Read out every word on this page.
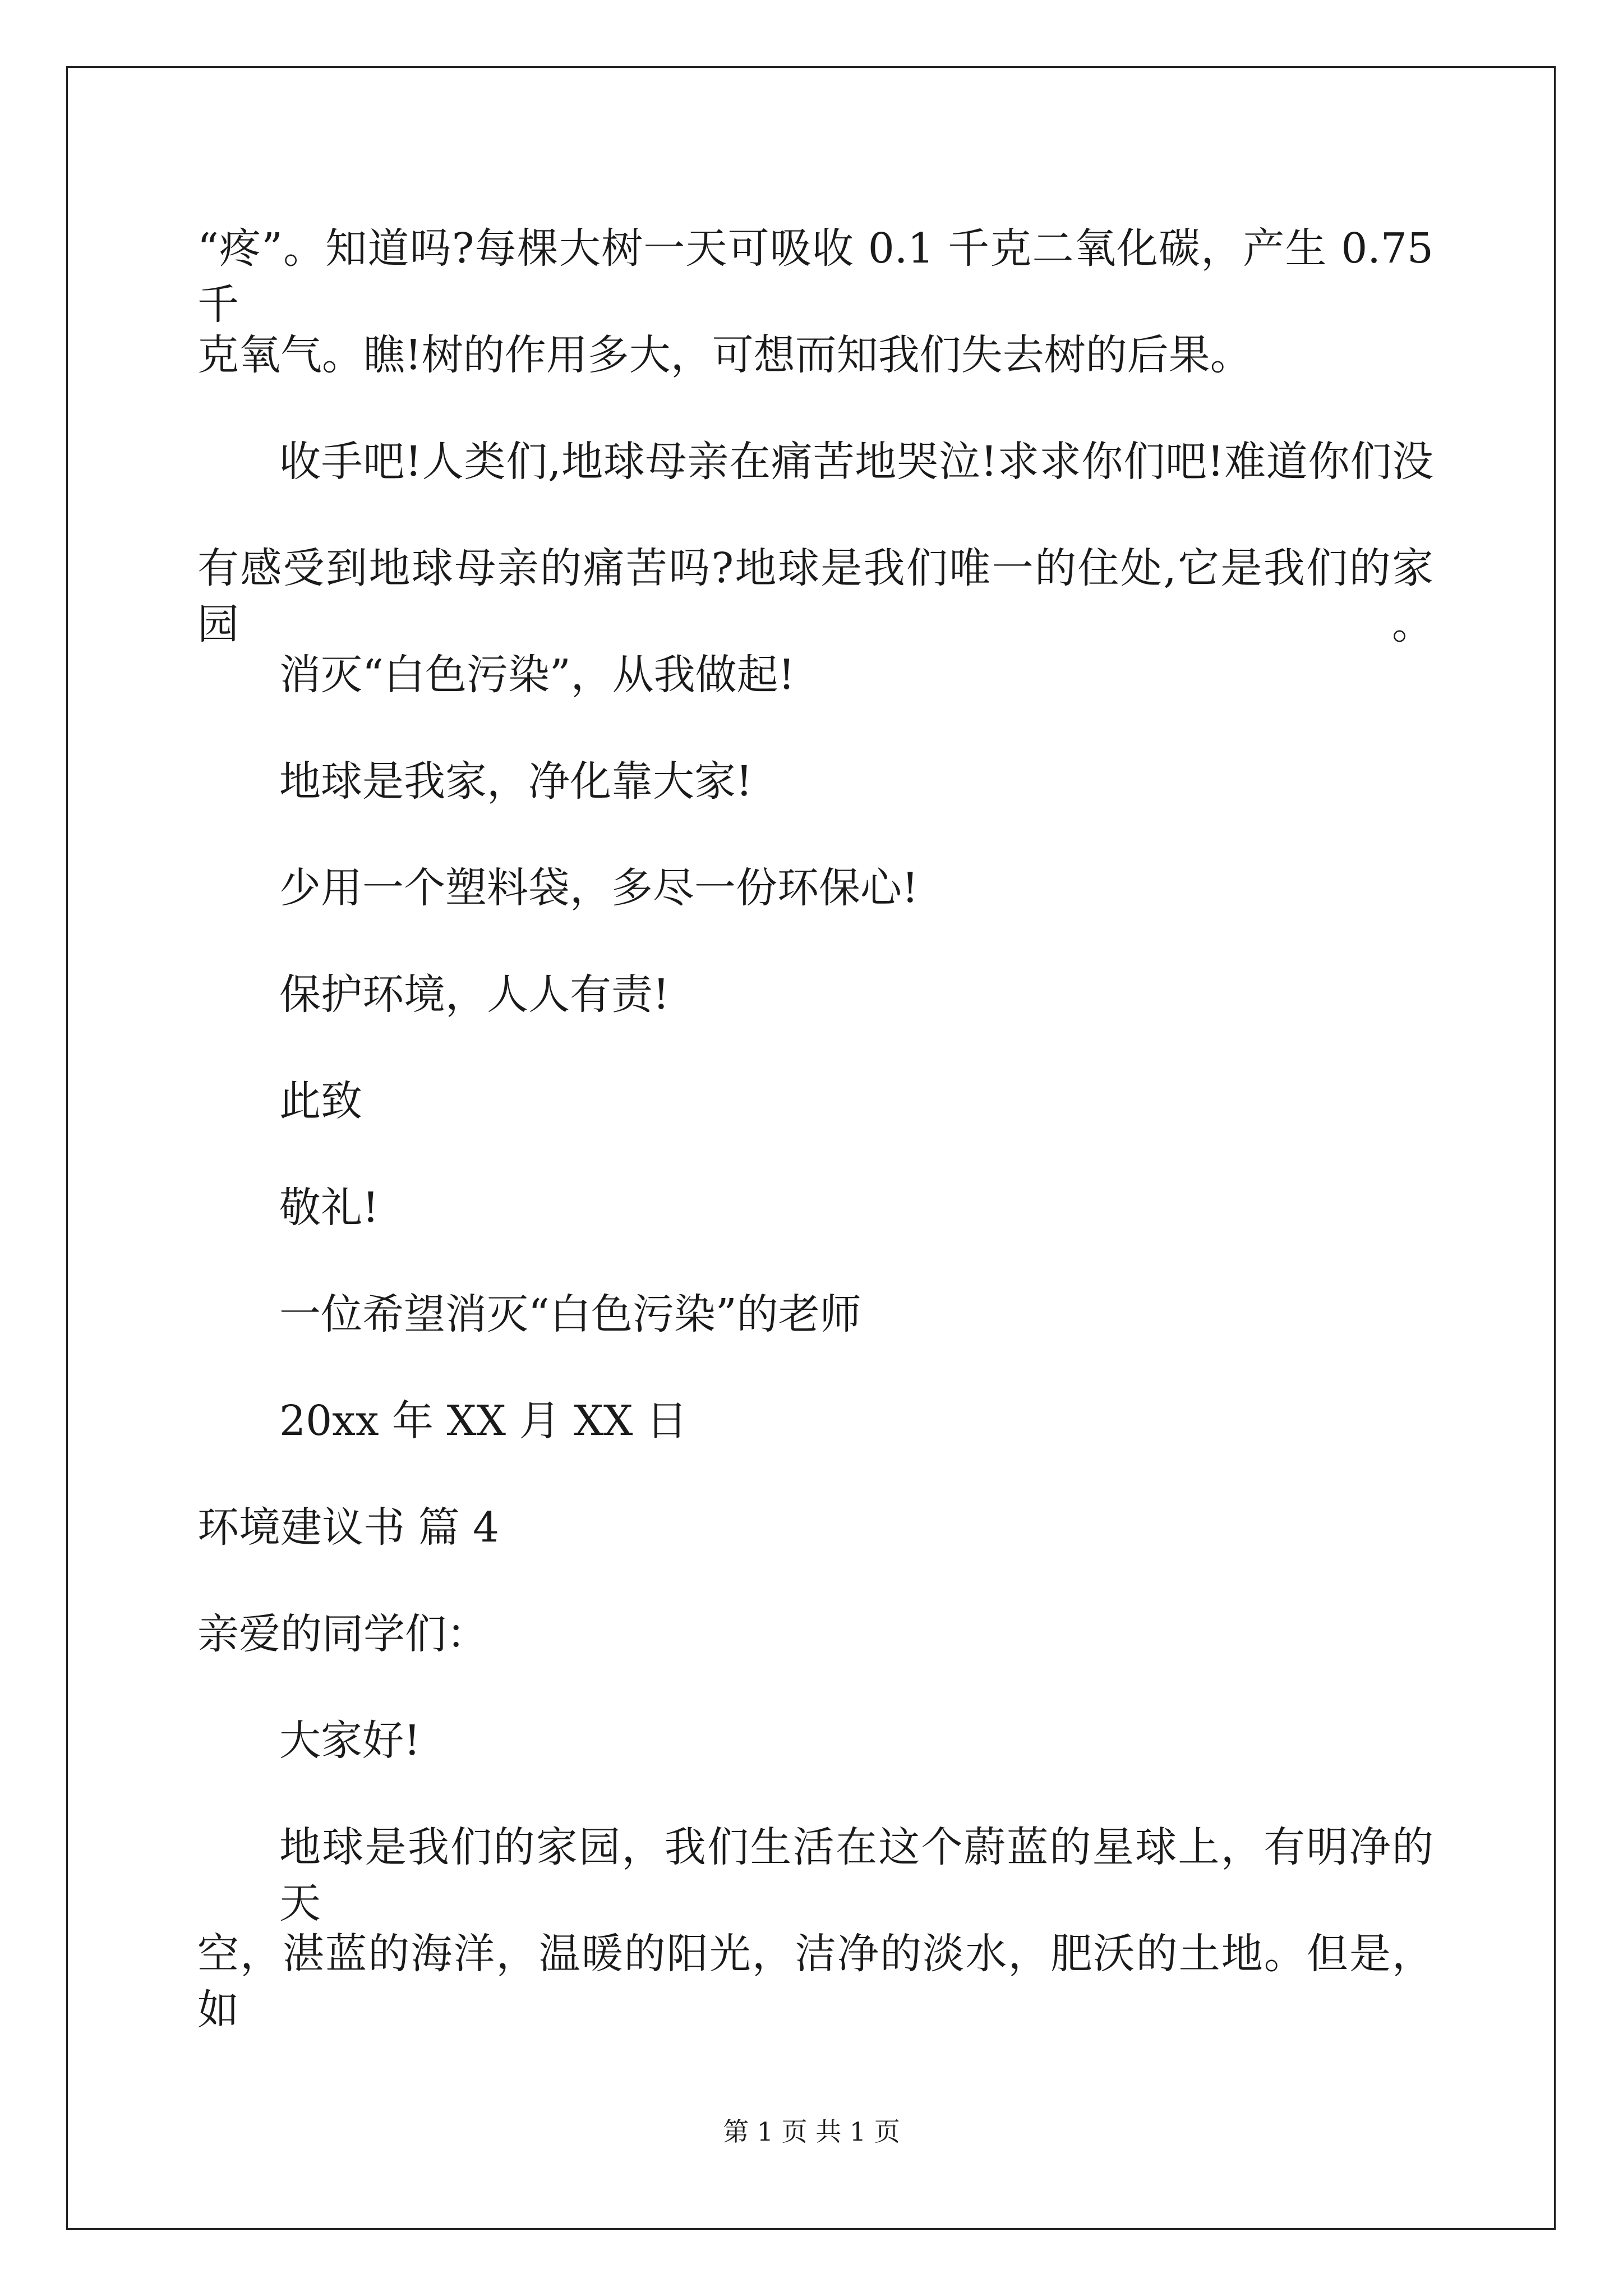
“疼”。知道吗?每棵大树一天可吸收 0.1 千克二氧化碳，产生 0.75 千
克氧气。瞧!树的作用多大，可想而知我们失去树的后果。
收手吧!人类们,地球母亲在痛苦地哭泣!求求你们吧!难道你们没
有感受到地球母亲的痛苦吗?地球是我们唯一的住处,它是我们的家园。
消灭“白色污染”，从我做起!
地球是我家，净化靠大家!
少用一个塑料袋，多尽一份环保心!
保护环境，人人有责!
此致
敬礼!
一位希望消灭“白色污染”的老师
20xx 年 XX 月 XX 日
环境建议书 篇 4
亲爱的同学们：
大家好!
地球是我们的家园，我们生活在这个蔚蓝的星球上，有明净的天
空，湛蓝的海洋，温暖的阳光，洁净的淡水，肥沃的土地。但是，如
第 1 页 共 1 页
